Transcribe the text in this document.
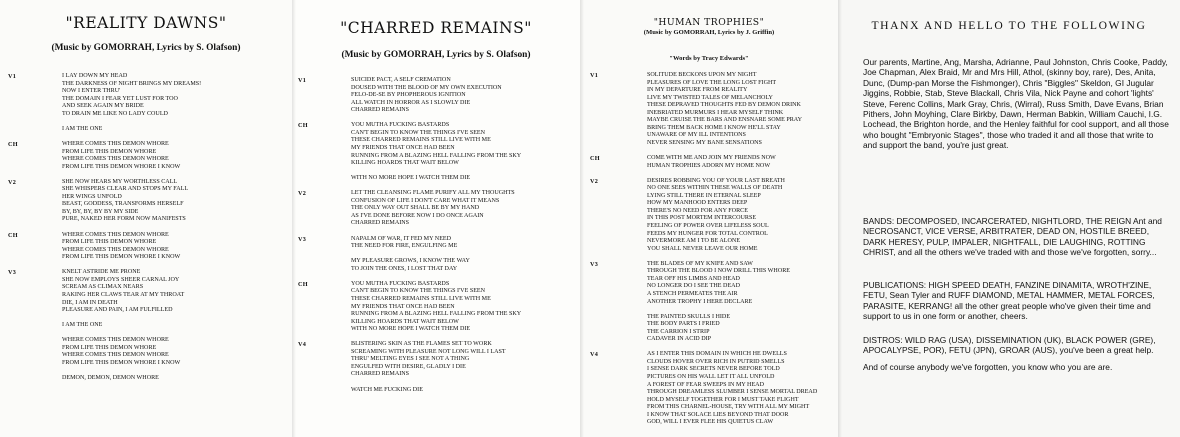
"REALITY DAWNS"
(Music by GOMORRAH, Lyrics by S. Olafson)
"CHARRED REMAINS"
(Music by GOMORRAH, Lyrics by S. Olafson)
"HUMAN TROPHIES"
(Music by GOMORRAH, Lyrics by J. Griffin)
"Words by Tracy Edwards"
V1	I LAY DOWN MY HEAD
THE DARKNESS OF NIGHT BRINGS MY DREAMS!
NOW I ENTER THRU'
THE DOMAIN I FEAR YET LUST FOR TOO
AND SEEK AGAIN MY BRIDE
TO DRAIN ME LIKE NO LADY COULD
I AM THE ONE
CH	WHERE COMES THIS DEMON WHORE
FROM LIFE THIS DEMON WHORE
WHERE COMES THIS DEMON WHORE
FROM LIFE THIS DEMON WHORE I KNOW
V2	SHE NOW HEARS MY WORTHLESS CALL
SHE WHISPERS CLEAR AND STOPS MY FALL
HER WINGS UNFOLD
BEAST, GODDESS, TRANSFORMS HERSELF
BY, BY, BY, BY BY MY SIDE
PURE, NAKED HER FORM NOW MANIFESTS
CH	WHERE COMES THIS DEMON WHORE
FROM LIFE THIS DEMON WHORE
WHERE COMES THIS DEMON WHORE
FROM LIFE THIS DEMON WHORE I KNOW
V3	KNELT ASTRIDE ME PRONE
SHE NOW EMPLOYS SHEER CARNAL JOY
SCREAM AS CLIMAX NEARS
RAKING HER CLAWS TEAR AT MY THROAT
DIE, I AM IN DEATH
PLEASURE AND PAIN, I AM FULFILLED
I AM THE ONE
WHERE COMES THIS DEMON WHORE
FROM LIFE THIS DEMON WHORE
WHERE COMES THIS DEMON WHORE
FROM LIFE THIS DEMON WHORE I KNOW
DEMON, DEMON, DEMON WHORE
V1	SUICIDE PACT, A SELF CREMATION
DOUSED WITH THE BLOOD OF MY OWN EXECUTION
FELO-DE-SE BY PHOPHEROUS IGNITION
ALL WATCH IN HORROR AS I SLOWLY DIE
CHARRED REMAINS
CH	YOU MUTHA FUCKING BASTARDS
CAN'T BEGIN TO KNOW THE THINGS I'VE SEEN
THESE CHARRED REMAINS STILL LIVE WITH ME
MY FRIENDS THAT ONCE HAD BEEN
RUNNING FROM A BLAZING HELL FALLING FROM THE SKY
KILLING HOARDS THAT WAIT BELOW
WITH NO MORE HOPE I WATCH THEM DIE
V2	LET THE CLEANSING FLAME PURIFY ALL MY THOUGHTS
CONFUSION OF LIFE I DON'T CARE WHAT IT MEANS
THE ONLY WAY OUT SHALL BE BY MY HAND
AS I'VE DONE BEFORE NOW I DO ONCE AGAIN
CHARRED REMAINS
V3	NAPALM OF WAR, IT FED MY NEED
THE NEED FOR FIRE, ENGULFING ME
MY PLEASURE GROWS, I KNOW THE WAY
TO JOIN THE ONES, I LOST THAT DAY
CH	YOU MUTHA FUCKING BASTARDS
CAN'T BEGIN TO KNOW THE THINGS I'VE SEEN
THESE CHARRED REMAINS STILL LIVE WITH ME
MY FRIENDS THAT ONCE HAD BEEN
RUNNING FROM A BLAZING HELL FALLING FROM THE SKY
KILLING HOARDS THAT WAIT BELOW
WITH NO MORE HOPE I WATCH THEM DIE
V4	BLISTERING SKIN AS THE FLAMES SET TO WORK
SCREAMING WITH PLEASURE NOT LONG WILL I LAST
THRU' MELTING EYES I SEE NOT A THING
ENGULFED WITH DESIRE, GLADLY I DIE
CHARRED REMAINS
WATCH ME FUCKING DIE
V1	SOLITUDE BECKONS UPON MY NIGHT
PLEASURES OF LOVE THE LONG LOST FIGHT
IN MY DEPARTURE FROM REALITY
LIVE MY TWISTED TALES OF MELANCHOLY
THESE DEPRAVED THOUGHTS FED BY DEMON DRINK
INEBRIATED MURMURS I HEAR MYSELF THINK
MAYBE CRUISE THE BARS AND ENSNARE SOME PRAY
BRING THEM BACK HOME I KNOW HE'LL STAY
UNAWARE OF MY ILL INTENTIONS
NEVER SENSING MY BANE SENSATIONS
CH	COME WITH ME AND JOIN MY FRIENDS NOW
HUMAN TROPHIES ADORN MY HOME NOW
V2	DESIRES ROBBING YOU OF YOUR LAST BREATH
NO ONE SEES WITHIN THESE WALLS OF DEATH
LYING STILL THERE IN ETERNAL SLEEP
HOW MY MANHOOD ENTERS DEEP
THERE'S NO NEED FOR ANY FORCE
IN THIS POST MORTEM INTERCOURSE
FEELING OF POWER OVER LIFELESS SOUL
FEEDS MY HUNGER FOR TOTAL CONTROL
NEVERMORE AM I TO BE ALONE
YOU SHALL NEVER LEAVE OUR HOME
V3	THE BLADES OF MY KNIFE AND SAW
THROUGH THE BLOOD I NOW DRILL THIS WHORE
TEAR OFF HIS LIMBS AND HEAD
NO LONGER DO I SEE THE DEAD
A STENCH PERMEATES THE AIR
ANOTHER TROPHY I HERE DECLARE
THE PAINTED SKULLS I HIDE
THE BODY PARTS I FRIED
THE CARRION I STRIP
CADAVER IN ACID DIP
V4	AS I ENTER THIS DOMAIN IN WHICH HE DWELLS
CLOUDS HOVER OVER RICH IN PUTRID SMELLS
I SENSE DARK SECRETS NEVER BEFORE TOLD
PICTURES ON HIS WALL LET IT ALL UNFOLD
A FOREST OF FEAR SWEEPS IN MY HEAD
THROUGH DREAMLESS SLUMBER I SENSE MORTAL DREAD
HOLD MYSELF TOGETHER FOR I MUST TAKE FLIGHT
FROM THIS CHARNEL-HOUSE, TRY WITH ALL MY MIGHT
I KNOW THAT SOLACE LIES BEYOND THAT DOOR
GOD, WILL I EVER FLEE HIS QUIETUS CLAW
THANX AND HELLO TO THE FOLLOWING

Our parents, Martine, Ang, Marsha, Adrianne, Paul Johnston, Chris Cooke, Paddy, Joe Chapman, Alex Braid, Mr and Mrs Hill, Athol, (skinny boy, rare), Des, Anita, Dunc, (Dump-pan Morse the Fishmonger), Chris "Biggles" Skeldon, GI Jugular Jiggins, Robbie, Stab, Steve Blackall, Chris Vila, Nick Payne and cohort 'lights' Steve, Ferenc Collins, Mark Gray, Chris, (Wirral), Russ Smith, Dave Evans, Brian Pithers, John Moyhing, Clare Birkby, Dawn, Herman Babkin, William Cauchi, I.G. Lochead, the Brighton horde, and the Henley faithful for cool support, and all those who bought "Embryonic Stages", those who traded it and all those that write to and support the band, you're just great.

BANDS: DECOMPOSED, INCARCERATED, NIGHTLORD, THE REIGN Ant and NECROSANCT, VICE VERSE, ARBITRATER, DEAD ON, HOSTILE BREED, DARK HERESY, PULP, IMPALER, NIGHTFALL, DIE LAUGHING, ROTTING CHRIST, and all the others we've traded with and those we've forgotten, sorry...

PUBLICATIONS: HIGH SPEED DEATH, FANZINE DINAMITA, WROTH'ZINE, FETU, Sean Tyler and RUFF DIAMOND, METAL HAMMER, METAL FORCES, PARASITE, KERRANG! all the other great people who've given their time and support to us in one form or another, cheers.

DISTROS: WILD RAG (USA), DISSEMINATION (UK), BLACK POWER (GRE), APOCALYPSE, POR), FETU (JPN), GROAR (AUS), you've been a great help.

And of course anybody we've forgotten, you know who you are are.
